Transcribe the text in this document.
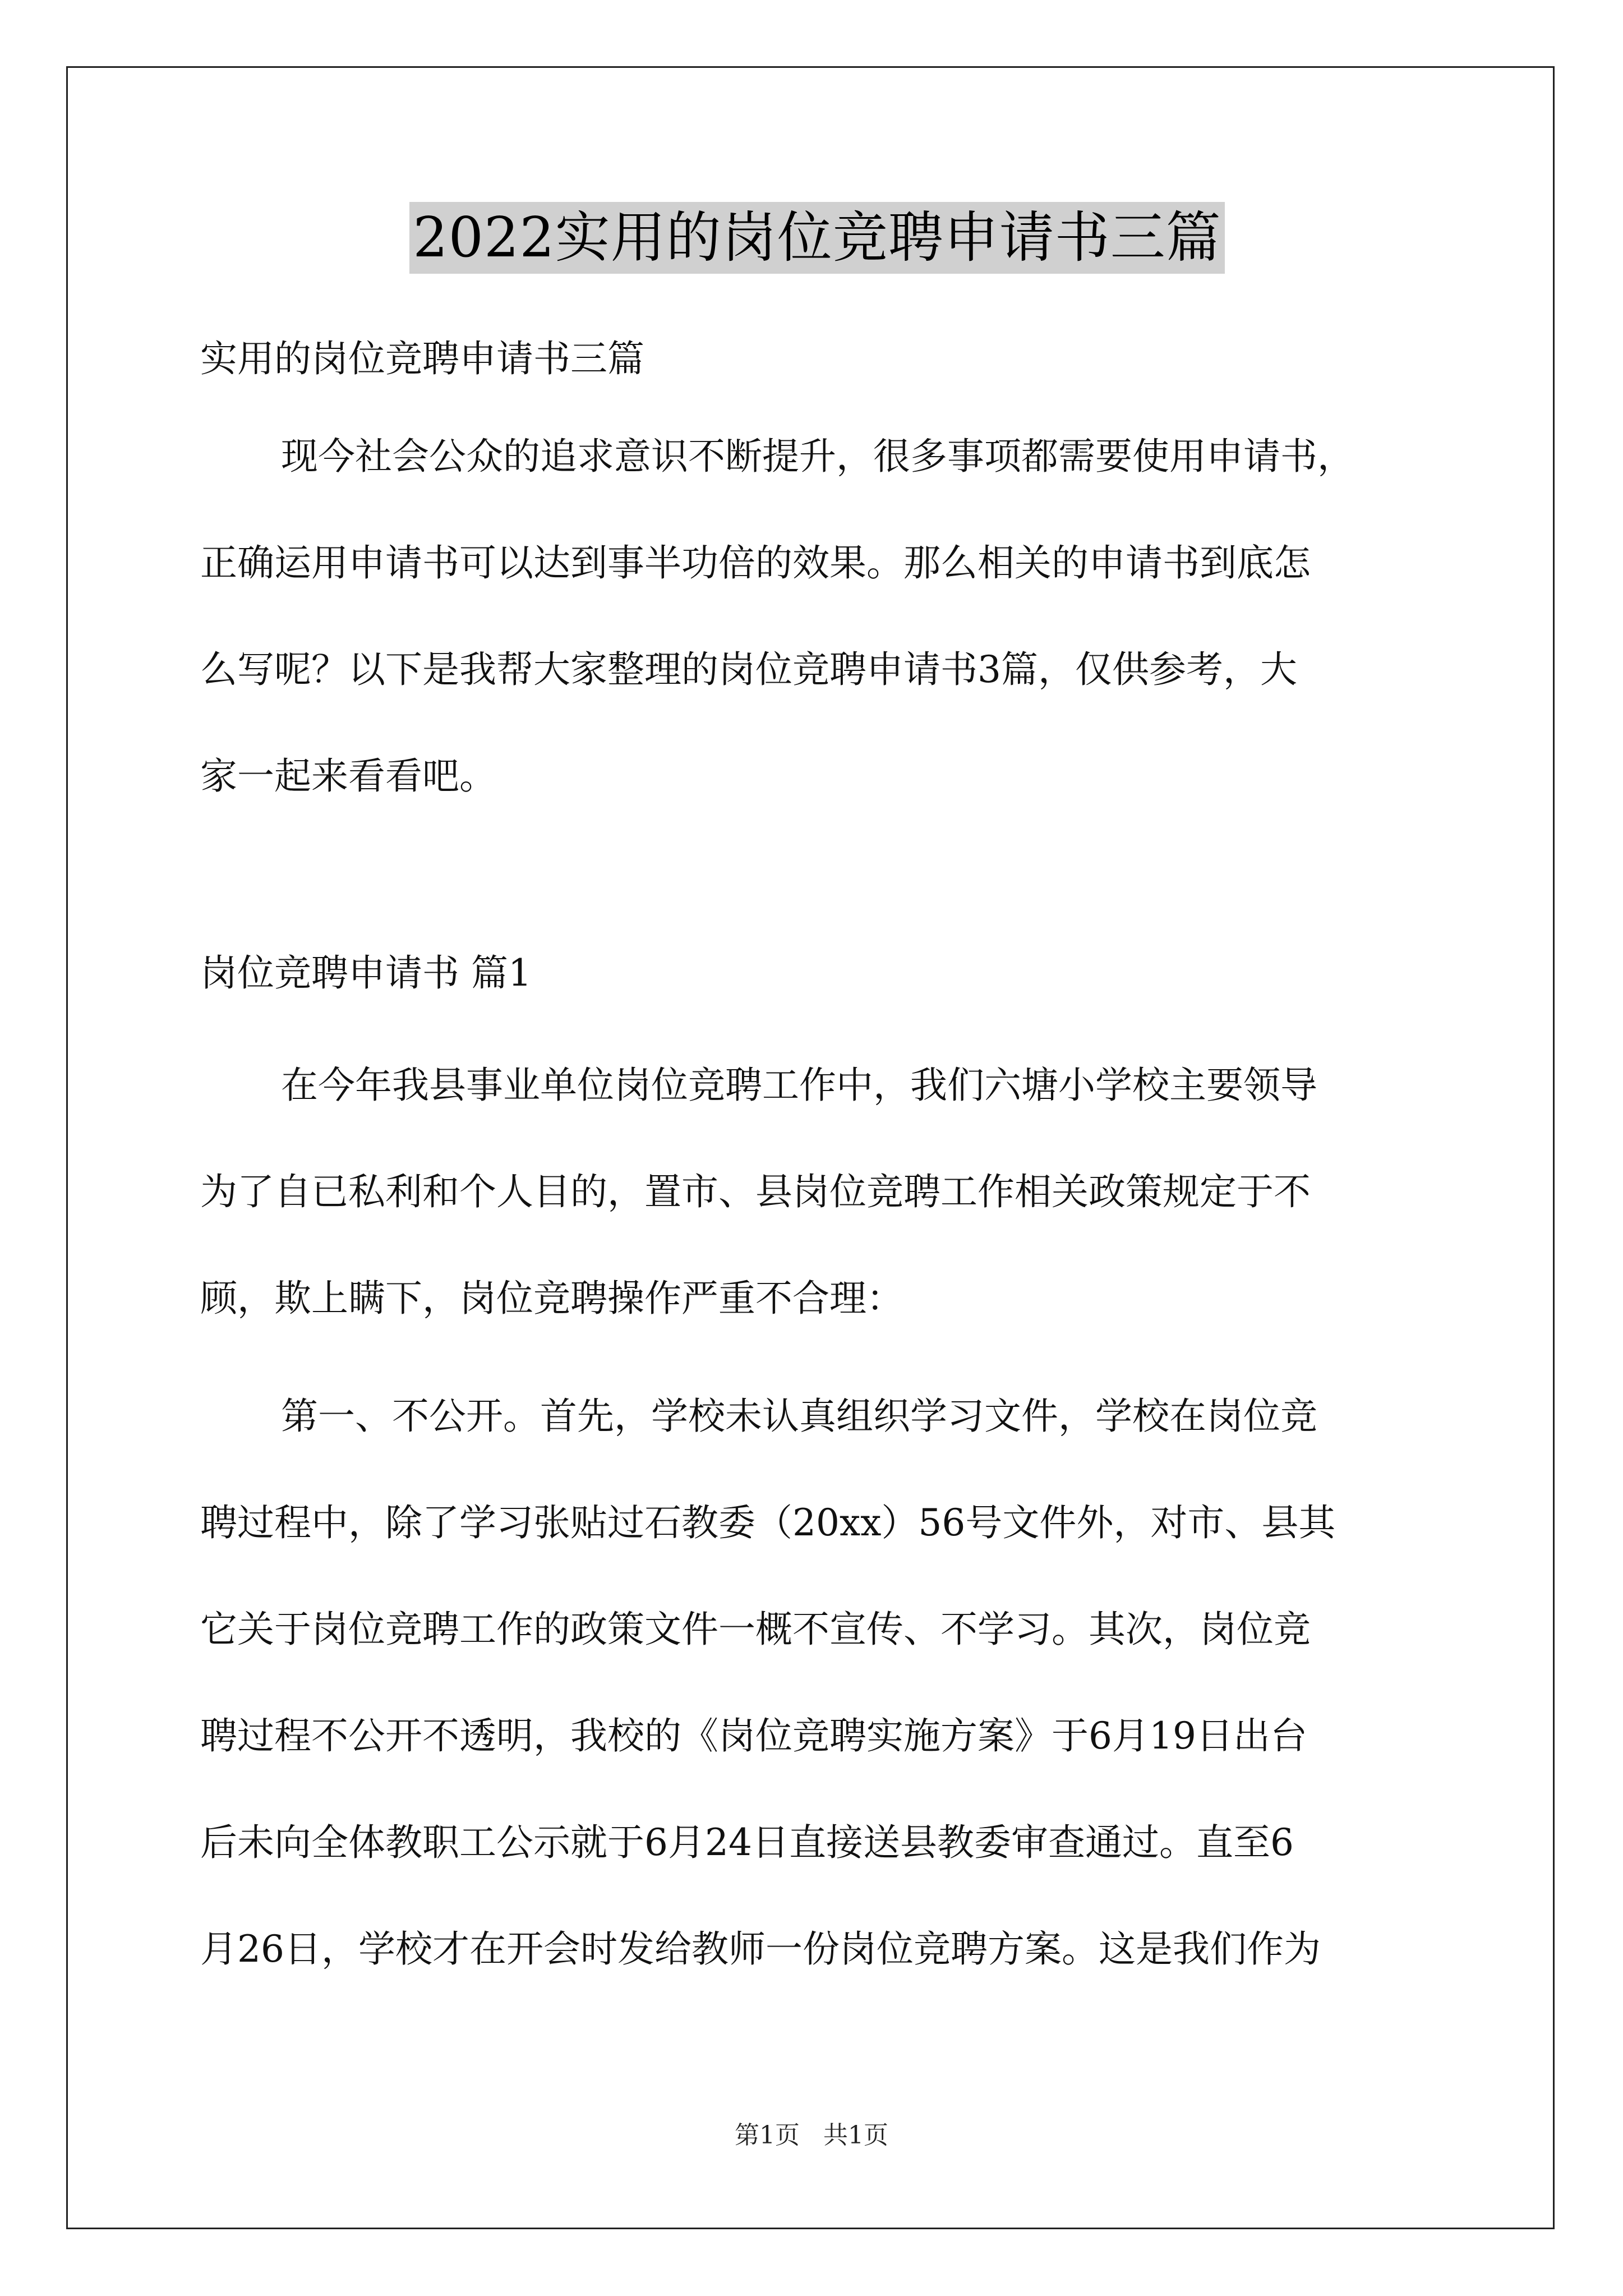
2022实用的岗位竞聘申请书三篇
实用的岗位竞聘申请书三篇
现今社会公众的追求意识不断提升，很多事项都需要使用申请书，
正确运用申请书可以达到事半功倍的效果。那么相关的申请书到底怎
么写呢？以下是我帮大家整理的岗位竞聘申请书3篇，仅供参考，大
家一起来看看吧。
岗位竞聘申请书 篇1
在今年我县事业单位岗位竞聘工作中，我们六塘小学校主要领导
为了自已私利和个人目的，置市、县岗位竞聘工作相关政策规定于不
顾，欺上瞒下，岗位竞聘操作严重不合理：
第一、不公开。首先，学校未认真组织学习文件，学校在岗位竞
聘过程中，除了学习张贴过石教委（20xx）56号文件外，对市、县其
它关于岗位竞聘工作的政策文件一概不宣传、不学习。其次，岗位竞
聘过程不公开不透明，我校的《岗位竞聘实施方案》于6月19日出台
后未向全体教职工公示就于6月24日直接送县教委审查通过。直至6
月26日，学校才在开会时发给教师一份岗位竞聘方案。这是我们作为
第1页 共1页
